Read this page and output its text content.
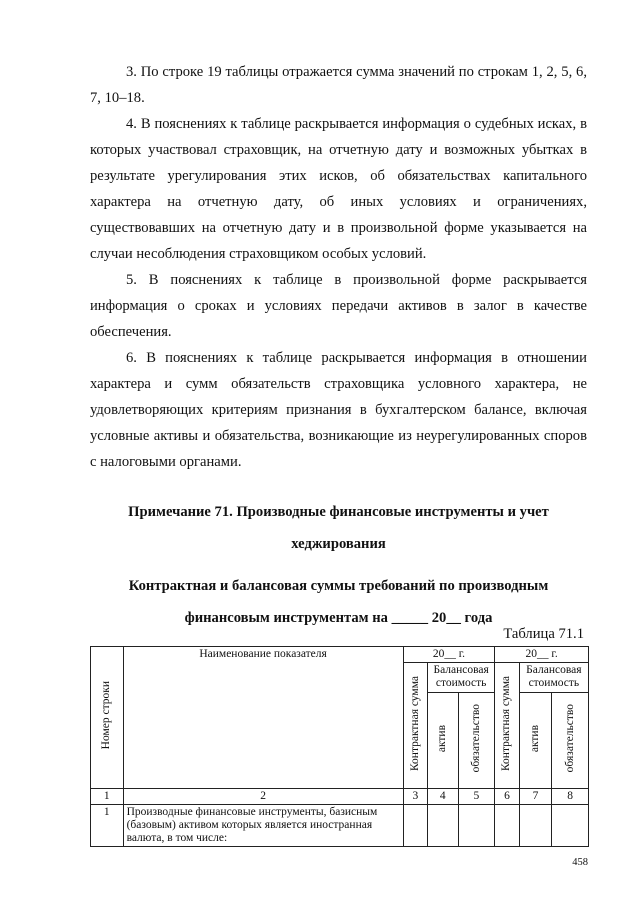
3. По строке 19 таблицы отражается сумма значений по строкам 1, 2, 5, 6, 7, 10–18.

4. В пояснениях к таблице раскрывается информация о судебных исках, в которых участвовал страховщик, на отчетную дату и возможных убытках в результате урегулирования этих исков, об обязательствах капитального характера на отчетную дату, об иных условиях и ограничениях, существовавших на отчетную дату и в произвольной форме указывается на случаи несоблюдения страховщиком особых условий.

5. В пояснениях к таблице в произвольной форме раскрывается информация о сроках и условиях передачи активов в залог в качестве обеспечения.

6. В пояснениях к таблице раскрывается информация в отношении характера и сумм обязательств страховщика условного характера, не удовлетворяющих критериям признания в бухгалтерском балансе, включая условные активы и обязательства, возникающие из неурегулированных споров с налоговыми органами.

Примечание 71. Производные финансовые инструменты и учет
хеджирования

Контрактная и балансовая суммы требований по производным
финансовым инструментам на _____ 20__ года

Таблица 71.1
Номер строки	Наименование показателя	20__ г.			20__ г.		
		Контрактная сумма	Балансовая стоимость		Контрактная сумма	Балансовая стоимость	
			актив	обязательство		актив	обязательство
1	2	3	4	5	6	7	8
1	Производные финансовые инструменты, базисным (базовым) активом которых является иностранная валюта, в том числе:						
458
